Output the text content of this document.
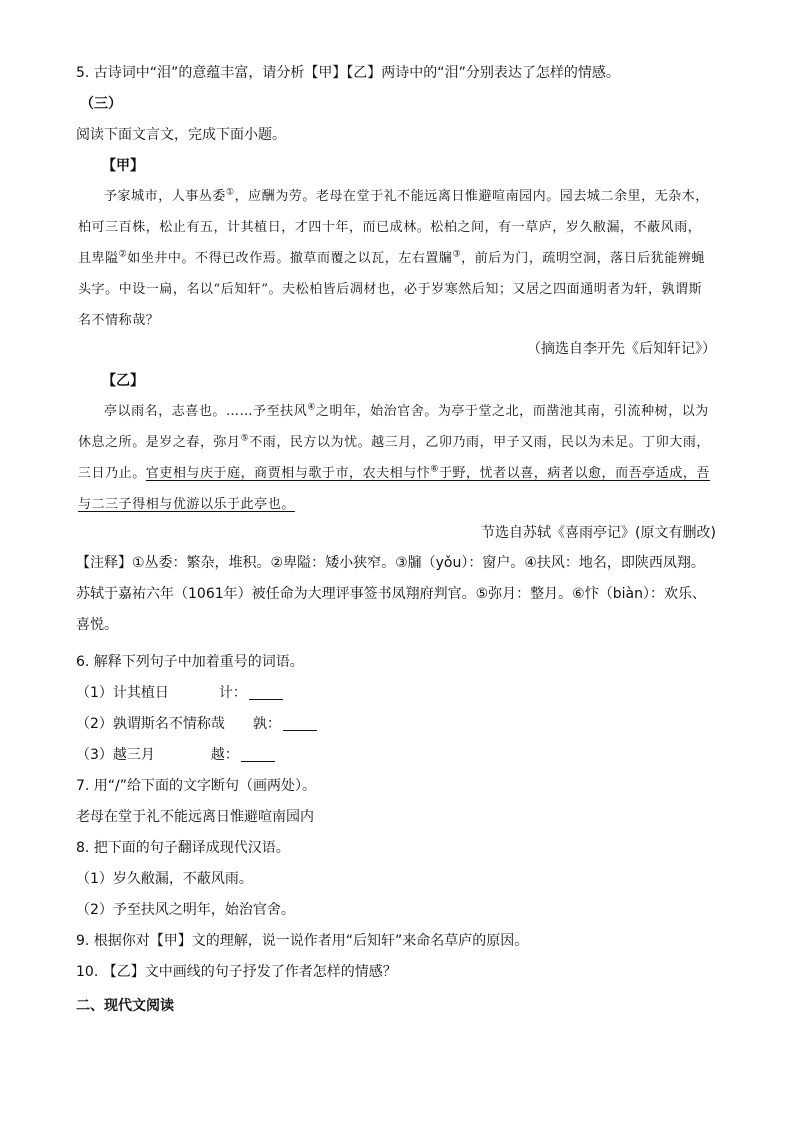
5. 古诗词中“泪”的意蕴丰富，请分析【甲】【乙】两诗中的“泪”分别表达了怎样的情感。
（三）
阅读下面文言文，完成下面小题。
【甲】
予家城市，人事丛委①，应酬为劳。老母在堂于礼不能远离日惟避喧南园内。园去城二余里，无杂木，柏可三百株，松止有五，计其植日，才四十年，而已成林。松柏之间，有一草庐，岁久敝漏，不蔽风雨，且卑隘②如坐井中。不得已改作焉。撤草而覆之以瓦，左右置牖③，前后为门，疏明空洞，落日后犹能辨蝇头字。中设一扁，名以“后知轩”。夫松柏皆后凋材也，必于岁寒然后知；又居之四面通明者为轩，孰谓斯名不情称哉？
（摘选自李开先《后知轩记》）
【乙】
亭以雨名，志喜也。……予至扶风④之明年，始治官舍。为亭于堂之北，而凿池其南，引流种树，以为休息之所。是岁之春，弥月⑤不雨，民方以为忧。越三月，乙卯乃雨，甲子又雨，民以为未足。丁卯大雨，三日乃止。官吏相与庆于庭，商贾相与歌于市，农夫相与忭⑥于野，忧者以喜，病者以愈，而吾亭适成，吾与二三子得相与优游以乐于此亭也。
节选自苏轼《喜雨亭记》(原文有删改)
【注释】①丛委：繁杂，堆积。②卑隘：矮小狭窄。③牖（yǒu）：窗户。④扶风：地名，即陕西凤翔。苏轼于嘉祐六年（1061年）被任命为大理评事签书凤翔府判官。⑤弥月：整月。⑥忭（biàn）：欢乐、喜悦。
6. 解释下列句子中加着重号的词语。
（1）计其植日	计：
（2）孰谓斯名不情称哉 孰：
（3）越三月	越：
7. 用“/”给下面的文字断句（画两处）。
老母在堂于礼不能远离日惟避喧南园内
8. 把下面的句子翻译成现代汉语。
（1）岁久敝漏，不蔽风雨。
（2）予至扶风之明年，始治官舍。
9. 根据你对【甲】文的理解，说一说作者用“后知轩”来命名草庐的原因。
10. 【乙】文中画线的句子抒发了作者怎样的情感？
二、现代文阅读
